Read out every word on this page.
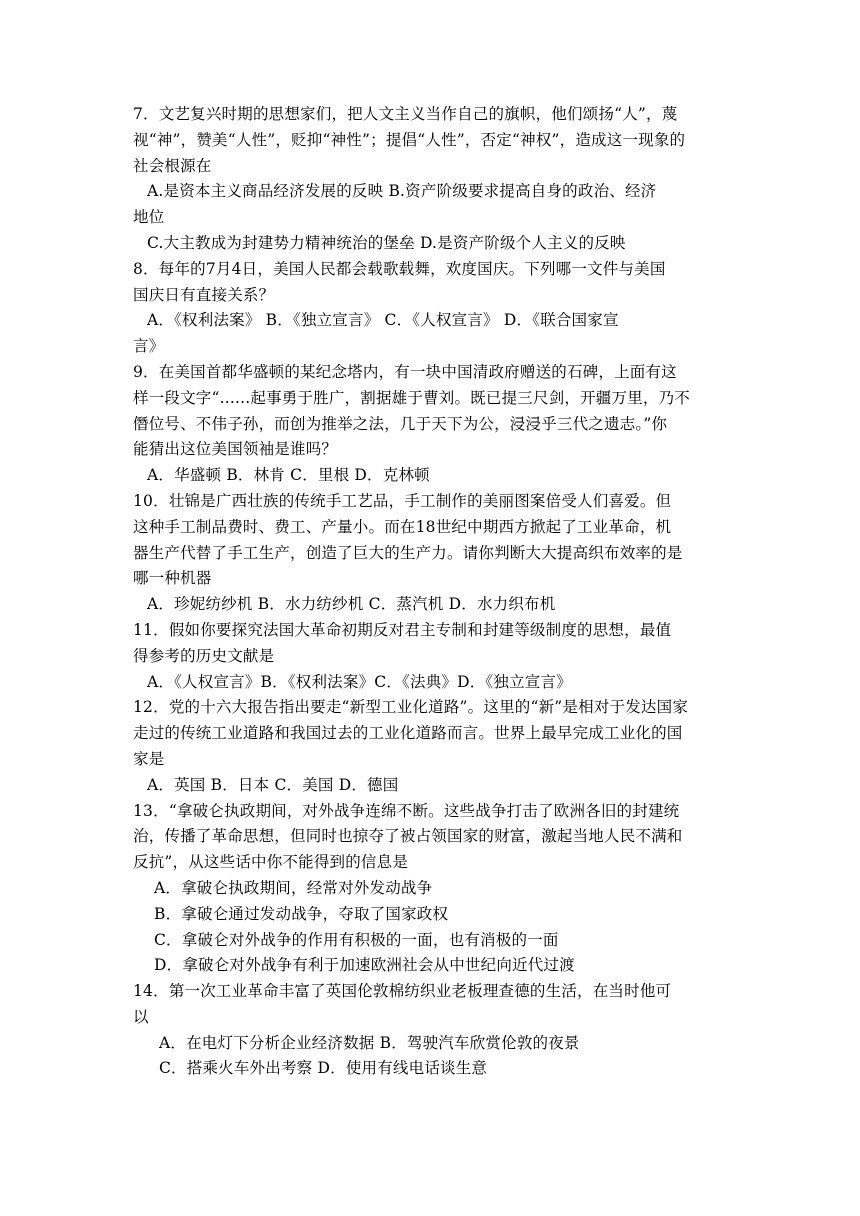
7．文艺复兴时期的思想家们，把人文主义当作自己的旗帜，他们颂扬“人”，蔑
视“神”，赞美“人性”，贬抑“神性”；提倡“人性”，否定“神权”，造成这一现象的
社会根源在
A.是资本主义商品经济发展的反映 B.资产阶级要求提高自身的政治、经济
地位
C.大主教成为封建势力精神统治的堡垒 D.是资产阶级个人主义的反映
8．每年的7月4日，美国人民都会载歌载舞，欢度国庆。下列哪一文件与美国
国庆日有直接关系？
A．《权利法案》 B．《独立宣言》 C．《人权宣言》 D．《联合国家宣
言》
9．在美国首都华盛顿的某纪念塔内，有一块中国清政府赠送的石碑，上面有这
样一段文字“......起事勇于胜广，割据雄于曹刘。既已提三尺剑，开疆万里，乃不
僭位号、不伟子孙，而创为推举之法，几于天下为公，浸浸乎三代之遗志。”你
能猜出这位美国领袖是谁吗？
A．华盛顿 B．林肯 C．里根 D．克林顿
10．壮锦是广西壮族的传统手工艺品，手工制作的美丽图案倍受人们喜爱。但
这种手工制品费时、费工、产量小。而在18世纪中期西方掀起了工业革命，机
器生产代替了手工生产，创造了巨大的生产力。请你判断大大提高织布效率的是
哪一种机器
A．珍妮纺纱机 B．水力纺纱机 C．蒸汽机 D．水力织布机
11．假如你要探究法国大革命初期反对君主专制和封建等级制度的思想，最值
得参考的历史文献是
A．《人权宣言》B．《权利法案》C．《法典》D．《独立宣言》
12．党的十六大报告指出要走“新型工业化道路”。这里的“新”是相对于发达国家
走过的传统工业道路和我国过去的工业化道路而言。世界上最早完成工业化的国
家是
A．英国 B．日本 C．美国 D．德国
13．“拿破仑执政期间，对外战争连绵不断。这些战争打击了欧洲各旧的封建统
治，传播了革命思想，但同时也掠夺了被占领国家的财富，激起当地人民不满和
反抗”，从这些话中你不能得到的信息是
A．拿破仑执政期间，经常对外发动战争
B．拿破仑通过发动战争，夺取了国家政权
C．拿破仑对外战争的作用有积极的一面，也有消极的一面
D．拿破仑对外战争有利于加速欧洲社会从中世纪向近代过渡
14．第一次工业革命丰富了英国伦敦棉纺织业老板理查德的生活，在当时他可
以
A．在电灯下分析企业经济数据 B．驾驶汽车欣赏伦敦的夜景
C．搭乘火车外出考察 D．使用有线电话谈生意
